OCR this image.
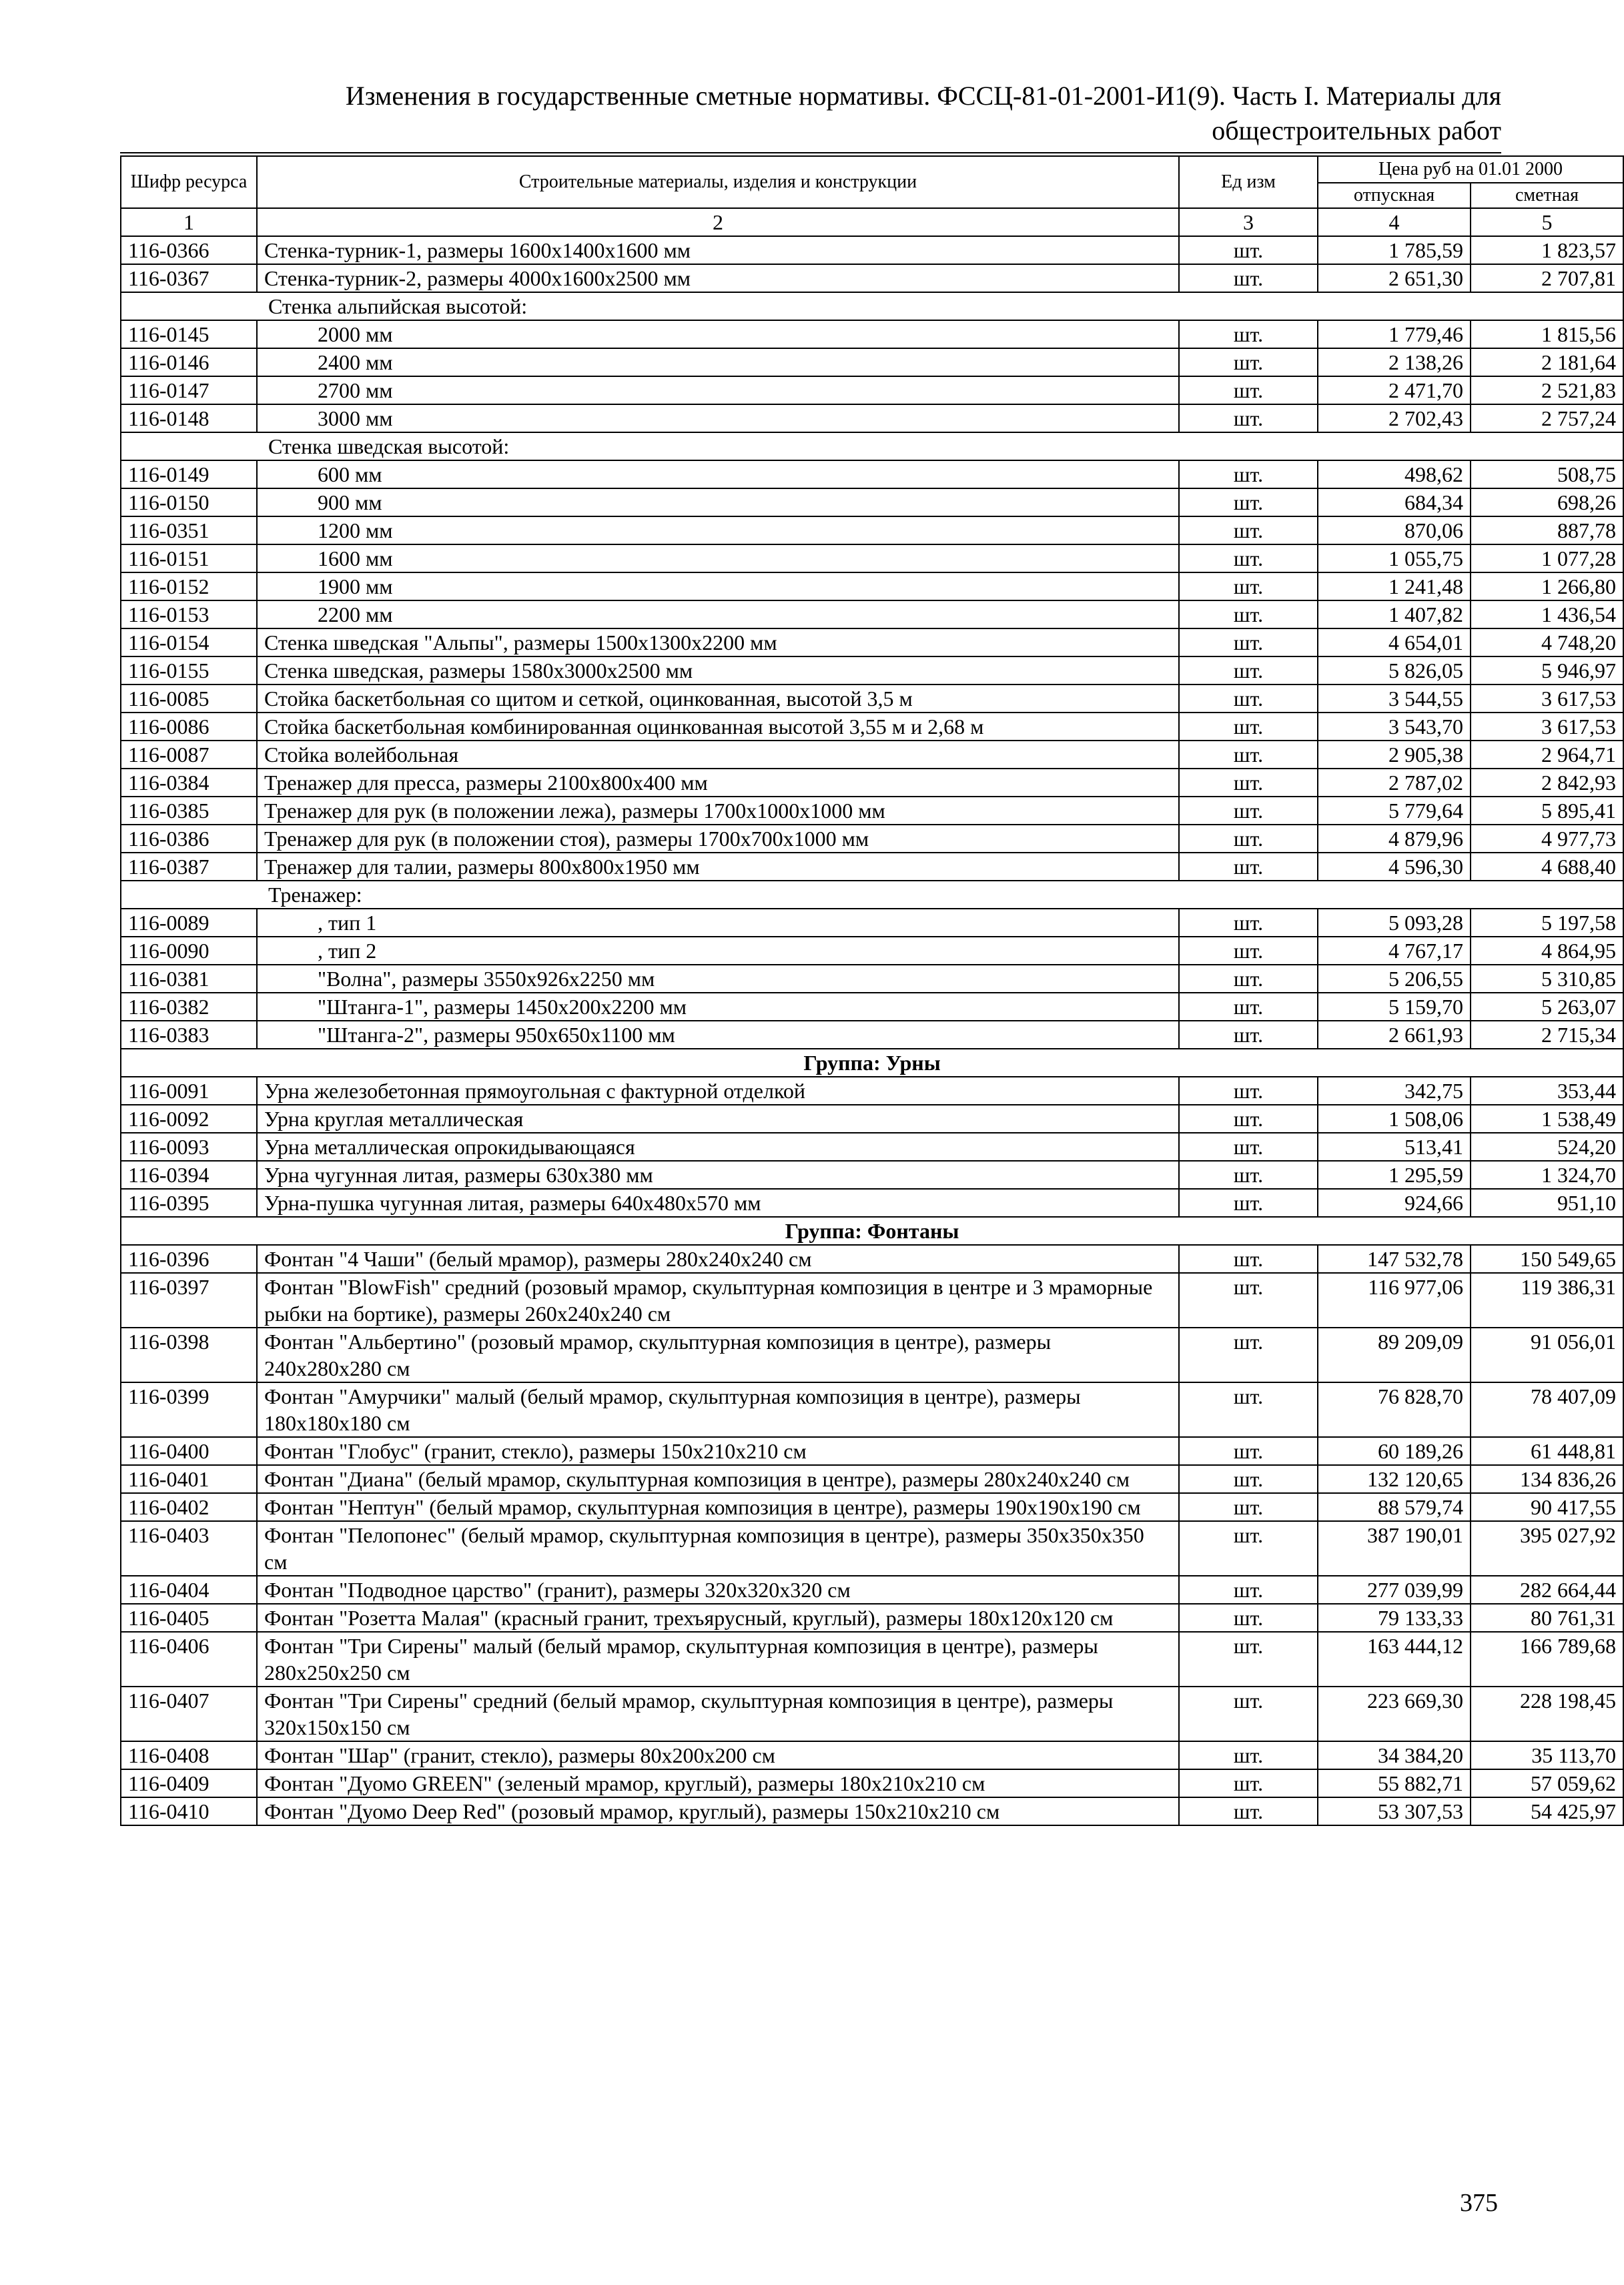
Изменения в государственные сметные нормативы. ФССЦ-81-01-2001-И1(9). Часть I. Материалы для
общестроительных работ
Шифр ресурса	Строительные материалы, изделия и конструкции	Ед изм	Цена руб на 01.01 2000	
			отпускная	сметная
1	2	3	4	5
116-0366	Стенка-турник-1, размеры 1600х1400х1600 мм	шт.	1 785,59	1 823,57
116-0367	Стенка-турник-2, размеры 4000х1600х2500 мм	шт.	2 651,30	2 707,81
Стенка альпийская высотой:				
116-0145	2000 мм	шт.	1 779,46	1 815,56
116-0146	2400 мм	шт.	2 138,26	2 181,64
116-0147	2700 мм	шт.	2 471,70	2 521,83
116-0148	3000 мм	шт.	2 702,43	2 757,24
Стенка шведская высотой:				
116-0149	600 мм	шт.	498,62	508,75
116-0150	900 мм	шт.	684,34	698,26
116-0351	1200 мм	шт.	870,06	887,78
116-0151	1600 мм	шт.	1 055,75	1 077,28
116-0152	1900 мм	шт.	1 241,48	1 266,80
116-0153	2200 мм	шт.	1 407,82	1 436,54
116-0154	Стенка шведская "Альпы", размеры 1500х1300х2200 мм	шт.	4 654,01	4 748,20
116-0155	Стенка шведская, размеры 1580х3000х2500 мм	шт.	5 826,05	5 946,97
116-0085	Стойка баскетбольная со щитом и сеткой, оцинкованная, высотой 3,5 м	шт.	3 544,55	3 617,53
116-0086	Стойка баскетбольная комбинированная оцинкованная высотой 3,55 м и 2,68 м	шт.	3 543,70	3 617,53
116-0087	Стойка волейбольная	шт.	2 905,38	2 964,71
116-0384	Тренажер для пресса, размеры 2100х800х400 мм	шт.	2 787,02	2 842,93
116-0385	Тренажер для рук (в положении лежа), размеры 1700х1000х1000 мм	шт.	5 779,64	5 895,41
116-0386	Тренажер для рук (в положении стоя), размеры 1700х700х1000 мм	шт.	4 879,96	4 977,73
116-0387	Тренажер для талии, размеры 800х800х1950 мм	шт.	4 596,30	4 688,40
Тренажер:				
116-0089	, тип 1	шт.	5 093,28	5 197,58
116-0090	, тип 2	шт.	4 767,17	4 864,95
116-0381	"Волна", размеры 3550х926х2250 мм	шт.	5 206,55	5 310,85
116-0382	"Штанга-1", размеры 1450х200х2200 мм	шт.	5 159,70	5 263,07
116-0383	"Штанга-2", размеры 950х650х1100 мм	шт.	2 661,93	2 715,34
Группа: Урны				
116-0091	Урна железобетонная прямоугольная с фактурной отделкой	шт.	342,75	353,44
116-0092	Урна круглая металлическая	шт.	1 508,06	1 538,49
116-0093	Урна металлическая опрокидывающаяся	шт.	513,41	524,20
116-0394	Урна чугунная литая, размеры 630х380 мм	шт.	1 295,59	1 324,70
116-0395	Урна-пушка чугунная литая, размеры 640х480х570 мм	шт.	924,66	951,10
Группа: Фонтаны				
116-0396	Фонтан "4 Чаши" (белый мрамор), размеры 280х240х240 см	шт.	147 532,78	150 549,65
116-0397	Фонтан "BlowFish" средний (розовый мрамор, скульптурная композиция в центре и 3 мраморные рыбки на бортике), размеры 260х240х240 см	шт.	116 977,06	119 386,31
116-0398	Фонтан "Альбертино" (розовый мрамор, скульптурная композиция в центре), размеры 240х280х280 см	шт.	89 209,09	91 056,01
116-0399	Фонтан "Амурчики" малый (белый мрамор, скульптурная композиция в центре), размеры 180х180х180 см	шт.	76 828,70	78 407,09
116-0400	Фонтан "Глобус" (гранит, стекло), размеры 150х210х210 см	шт.	60 189,26	61 448,81
116-0401	Фонтан "Диана" (белый мрамор, скульптурная композиция в центре), размеры 280х240х240 см	шт.	132 120,65	134 836,26
116-0402	Фонтан "Нептун" (белый мрамор, скульптурная композиция в центре), размеры 190х190х190 см	шт.	88 579,74	90 417,55
116-0403	Фонтан "Пелопонес" (белый мрамор, скульптурная композиция в центре), размеры 350х350х350 см	шт.	387 190,01	395 027,92
116-0404	Фонтан "Подводное царство" (гранит), размеры 320х320х320 см	шт.	277 039,99	282 664,44
116-0405	Фонтан "Розетта Малая" (красный гранит, трехъярусный, круглый), размеры 180х120х120 см	шт.	79 133,33	80 761,31
116-0406	Фонтан "Три Сирены" малый (белый мрамор, скульптурная композиция в центре), размеры 280х250х250 см	шт.	163 444,12	166 789,68
116-0407	Фонтан "Три Сирены" средний (белый мрамор, скульптурная композиция в центре), размеры 320х150х150 см	шт.	223 669,30	228 198,45
116-0408	Фонтан "Шар" (гранит, стекло), размеры 80х200х200 см	шт.	34 384,20	35 113,70
116-0409	Фонтан "Дуомо GREEN" (зеленый мрамор, круглый), размеры 180х210х210 см	шт.	55 882,71	57 059,62
116-0410	Фонтан "Дуомо Deep Red" (розовый мрамор, круглый), размеры 150х210х210 см	шт.	53 307,53	54 425,97
375
